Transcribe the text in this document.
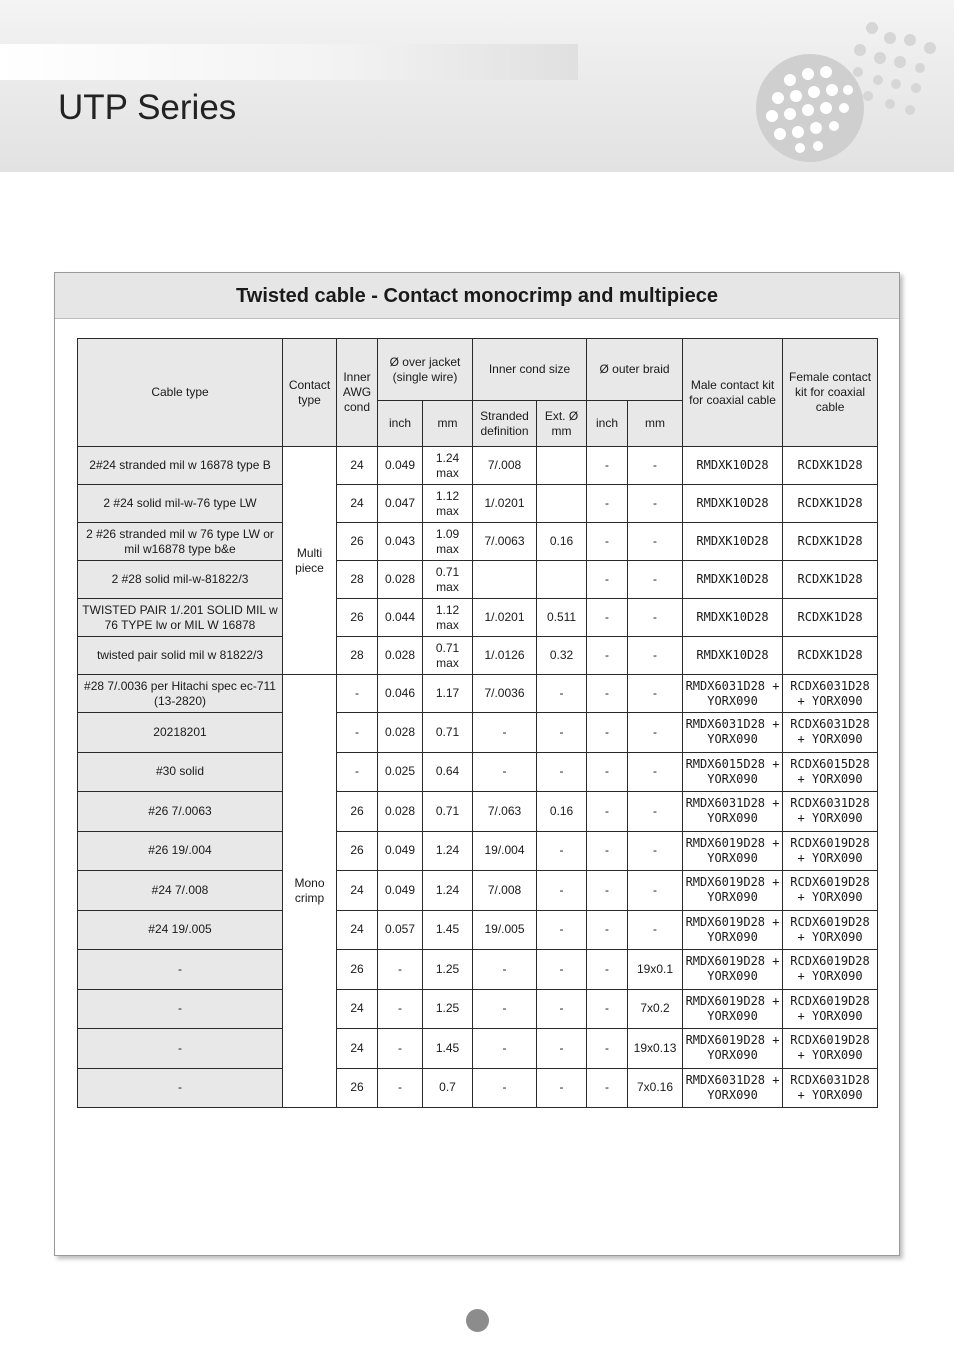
UTP Series
Twisted cable - Contact monocrimp and multipiece
Cable type	Contact type	Inner AWG cond	Ø over jacket (single wire)		Inner cond size		Ø outer braid		Male contact kit for coaxial cable	Female contact kit for coaxial cable
			inch	mm	Stranded definition	Ext. Ø mm	inch	mm		
2#24 stranded mil w 16878 type B	Multi piece	24	0.049	1.24 max	7/.008		-	-	RMDXK10D28	RCDXK1D28
2 #24 solid mil-w-76 type LW		24	0.047	1.12 max	1/.0201		-	-	RMDXK10D28	RCDXK1D28
2 #26 stranded mil w 76 type LW or mil w16878 type b&e		26	0.043	1.09 max	7/.0063	0.16	-	-	RMDXK10D28	RCDXK1D28
2 #28 solid mil-w-81822/3		28	0.028	0.71 max			-	-	RMDXK10D28	RCDXK1D28
TWISTED PAIR 1/.201 SOLID MIL w 76 TYPE lw or MIL W 16878		26	0.044	1.12 max	1/.0201	0.511	-	-	RMDXK10D28	RCDXK1D28
twisted pair solid mil w 81822/3		28	0.028	0.71 max	1/.0126	0.32	-	-	RMDXK10D28	RCDXK1D28
#28 7/.0036 per Hitachi spec ec-711 (13-2820)	Mono crimp	-	0.046	1.17	7/.0036	-	-	-	RMDX6031D28 + YORX090	RCDX6031D28 + YORX090
20218201		-	0.028	0.71	-	-	-	-	RMDX6031D28 + YORX090	RCDX6031D28 + YORX090
#30 solid		-	0.025	0.64	-	-	-	-	RMDX6015D28 + YORX090	RCDX6015D28 + YORX090
#26 7/.0063		26	0.028	0.71	7/.063	0.16	-	-	RMDX6031D28 + YORX090	RCDX6031D28 + YORX090
#26 19/.004		26	0.049	1.24	19/.004	-	-	-	RMDX6019D28 + YORX090	RCDX6019D28 + YORX090
#24 7/.008		24	0.049	1.24	7/.008	-	-	-	RMDX6019D28 + YORX090	RCDX6019D28 + YORX090
#24 19/.005		24	0.057	1.45	19/.005	-	-	-	RMDX6019D28 + YORX090	RCDX6019D28 + YORX090
-		26	-	1.25	-	-	-	19x0.1	RMDX6019D28 + YORX090	RCDX6019D28 + YORX090
-		24	-	1.25	-	-	-	7x0.2	RMDX6019D28 + YORX090	RCDX6019D28 + YORX090
-		24	-	1.45	-	-	-	19x0.13	RMDX6019D28 + YORX090	RCDX6019D28 + YORX090
-		26	-	0.7	-	-	-	7x0.16	RMDX6031D28 + YORX090	RCDX6031D28 + YORX090
